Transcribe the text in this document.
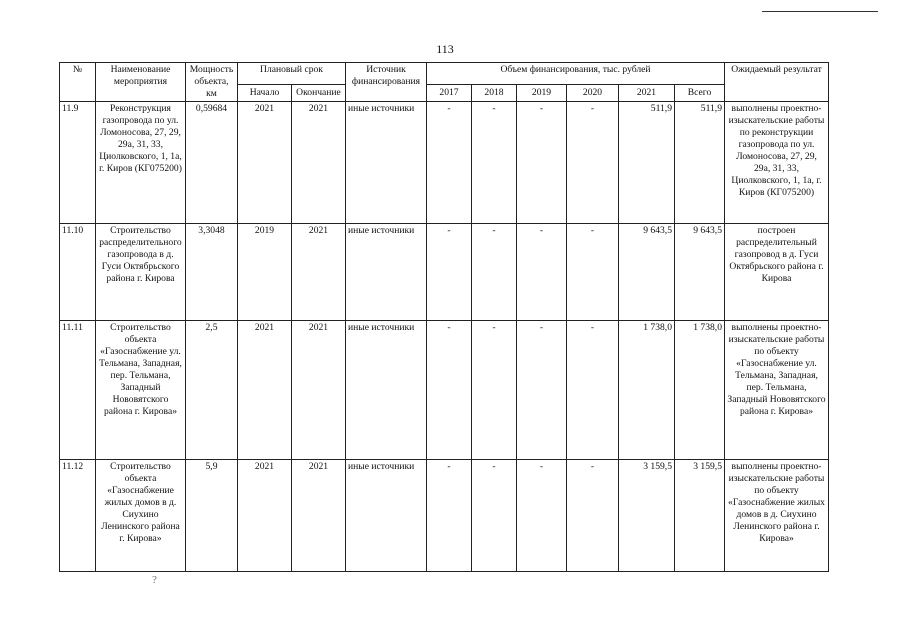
113
№	Наименование мероприятия	Мощность объекта, км	Плановый срок		Источник финансирования	Объем финансирования, тыс. рублей						Ожидаемый результат
			Начало	Окончание		2017	2018	2019	2020	2021	Всего	
11.9	Реконструкция газопровода по ул. Ломоносова, 27, 29, 29а, 31, 33, Циолковского, 1, 1а, г. Киров (КГ075200)	0,59684	2021	2021	иные источники	-	-	-	-	511,9	511,9	выполнены проектно-изыскательские работы по реконструкции газопровода по ул. Ломоносова, 27, 29, 29а, 31, 33, Циолковского, 1, 1а, г. Киров (КГ075200)
11.10	Строительство распределительного газопровода в д. Гуси Октябрьского района г. Кирова	3,3048	2019	2021	иные источники	-	-	-	-	9 643,5	9 643,5	построен распределительный газопровод в д. Гуси Октябрьского района г. Кирова
11.11	Строительство объекта «Газоснабжение ул. Тельмана, Западная, пер. Тельмана, Западный Нововятского района г. Кирова»	2,5	2021	2021	иные источники	-	-	-	-	1 738,0	1 738,0	выполнены проектно-изыскательские работы по объекту «Газоснабжение ул. Тельмана, Западная, пер. Тельмана, Западный Нововятского района г. Кирова»
11.12	Строительство объекта «Газоснабжение жилых домов в д. Сиухино Ленинского района г. Кирова»	5,9	2021	2021	иные источники	-	-	-	-	3 159,5	3 159,5	выполнены проектно-изыскательские работы по объекту «Газоснабжение жилых домов в д. Сиухино Ленинского района г. Кирова»
?
